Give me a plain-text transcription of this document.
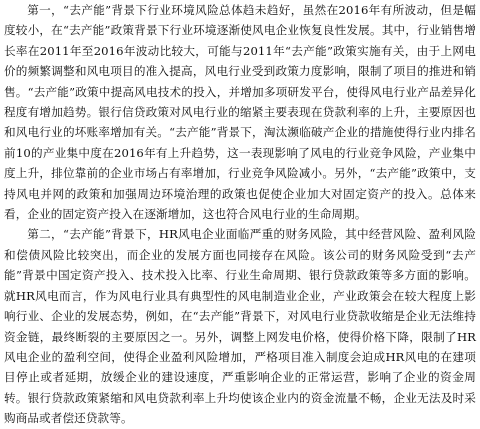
第一，“去产能”背景下行业环境风险总体趋未趋好，虽然在2016年有所波动，但是幅度较小，在“去产能”政策背景下行业环境逐渐使风电企业恢复良性发展。其中，行业销售增长率在2011年至2016年波动比较大，可能与2011年“去产能”政策实施有关，由于上网电价的频繁调整和风电项目的准入提高，风电行业受到政策力度影响，限制了项目的推进和销售。“去产能”政策中提高风电技术的投入，并增加多项研发平台，使得风电行业产品差异化程度有增加趋势。银行信贷政策对风电行业的缩紧主要表现在贷款利率的上升，主要原因也和风电行业的坏账率增加有关。“去产能”背景下，淘汰濒临破产企业的措施使得行业内排名前10的产业集中度在2016年有上升趋势，这一表现影响了风电的行业竞争风险，产业集中度上升，排位靠前的企业市场占有率增加，行业竞争风险减小。另外，“去产能”政策中，支持风电并网的政策和加强周边环境治理的政策也促使企业加大对固定资产的投入。总体来看，企业的固定资产投入在逐渐增加，这也符合风电行业的生命周期。

第二，“去产能”背景下，HR风电企业面临严重的财务风险，其中经营风险、盈利风险和偿债风险比较突出，而企业的发展方面也同接存在风险。该公司的财务风险受到“去产能”背景中国定资产投入、技术投入比率、行业生命周期、银行贷款政策等多方面的影响。就HR风电而言，作为风电行业具有典型性的风电制造业企业，产业政策会在较大程度上影响行业、企业的发展态势，例如，在“去产能”背景下，对风电行业贷款收缩是企业无法维持资金链，最终断裂的主要原因之一。另外，调整上网发电价格，使得价格下降，限制了HR风电企业的盈利空间，使得企业盈利风险增加，严格项目准入制度会迫成HR风电的在建项目停止或者延期，放缓企业的建设速度，严重影响企业的正常运营，影响了企业的资金周转。银行贷款政策紧缩和风电贷款利率上升均使该企业内的资金流量不畅，企业无法及时采购商品或者偿还贷款等。
